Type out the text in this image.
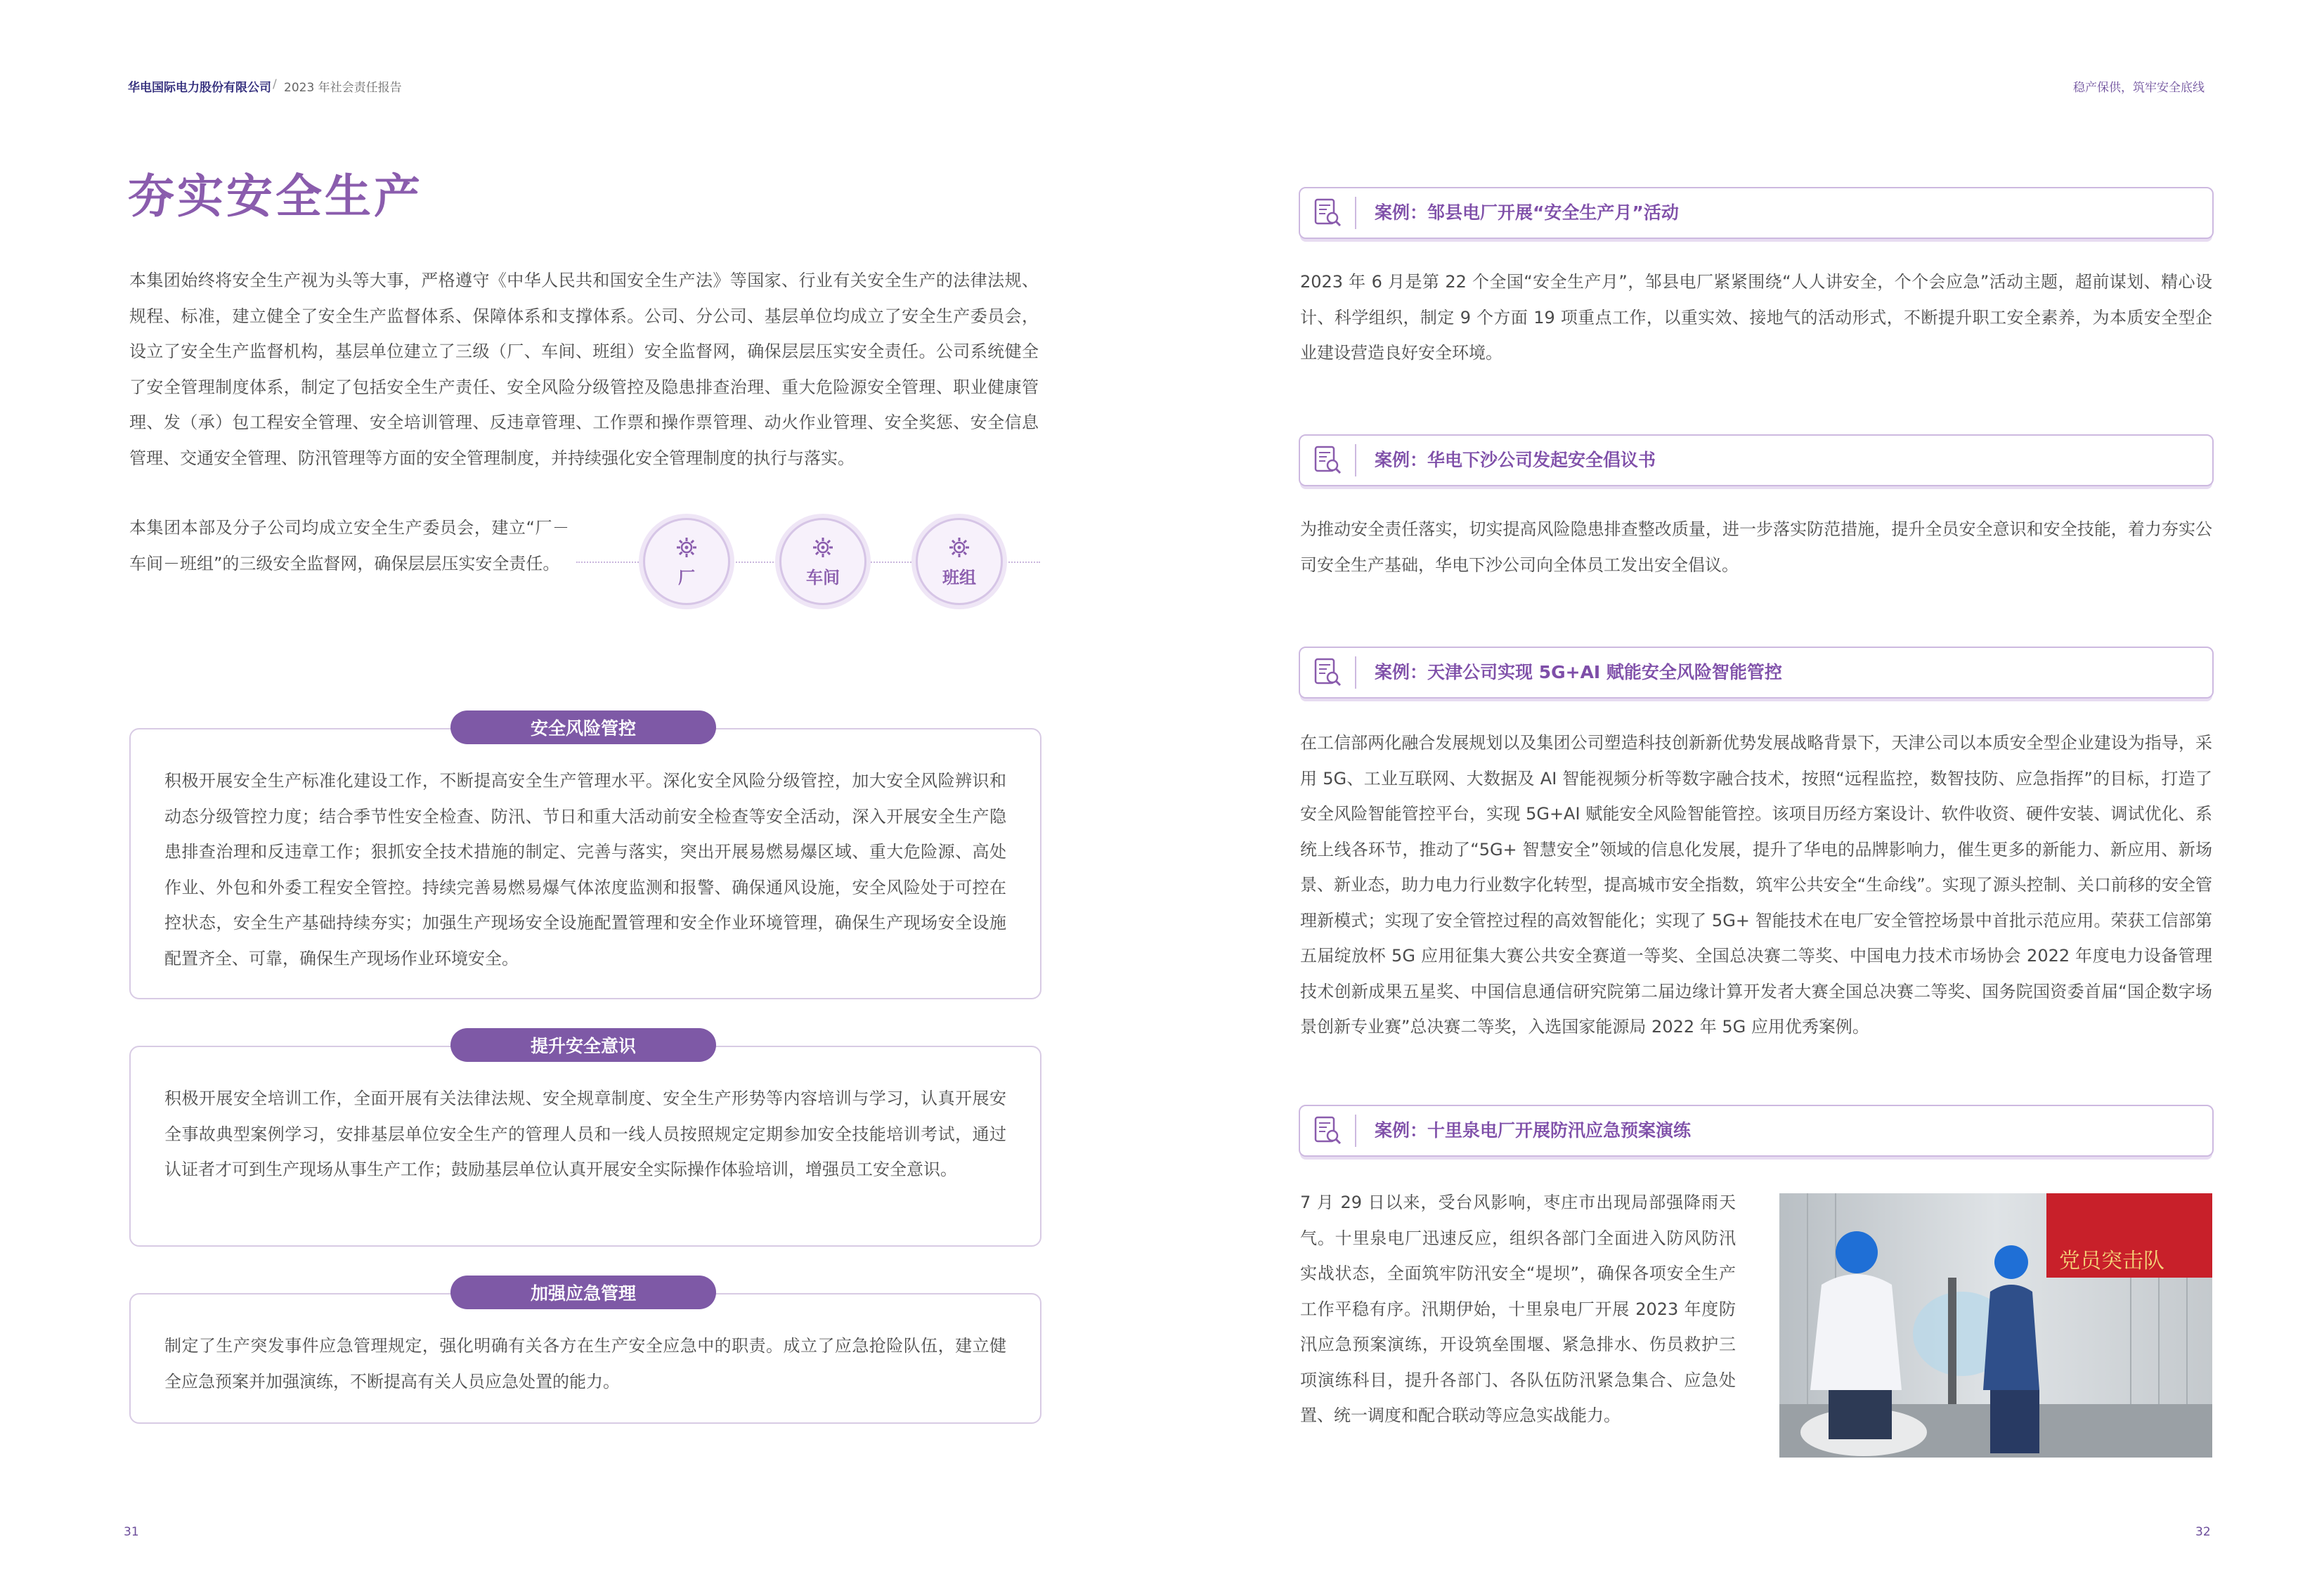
华电国际电力股份有限公司 / 2023 年社会责任报告	稳产保供，筑牢安全底线
夯实安全生产
本集团始终将安全生产视为头等大事，严格遵守《中华人民共和国安全生产法》等国家、行业有关安全生产的法律法规、规程、标准，建立健全了安全生产监督体系、保障体系和支撑体系。公司、分公司、基层单位均成立了安全生产委员会，设立了安全生产监督机构，基层单位建立了三级（厂、车间、班组）安全监督网，确保层层压实安全责任。公司系统健全了安全管理制度体系，制定了包括安全生产责任、安全风险分级管控及隐患排查治理、重大危险源安全管理、职业健康管理、发（承）包工程安全管理、安全培训管理、反违章管理、工作票和操作票管理、动火作业管理、安全奖惩、安全信息管理、交通安全管理、防汛管理等方面的安全管理制度，并持续强化安全管理制度的执行与落实。
本集团本部及分子公司均成立安全生产委员会，建立“厂－车间－班组”的三级安全监督网，确保层层压实安全责任。
厂	车间	班组
积极开展安全生产标准化建设工作，不断提高安全生产管理水平。深化安全风险分级管控，加大安全风险辨识和动态分级管控力度；结合季节性安全检查、防汛、节日和重大活动前安全检查等安全活动，深入开展安全生产隐患排查治理和反违章工作；狠抓安全技术措施的制定、完善与落实，突出开展易燃易爆区域、重大危险源、高处作业、外包和外委工程安全管控。持续完善易燃易爆气体浓度监测和报警、确保通风设施，安全风险处于可控在控状态，安全生产基础持续夯实；加强生产现场安全设施配置管理和安全作业环境管理，确保生产现场安全设施配置齐全、可靠，确保生产现场作业环境安全。
安全风险管控
积极开展安全培训工作，全面开展有关法律法规、安全规章制度、安全生产形势等内容培训与学习，认真开展安全事故典型案例学习，安排基层单位安全生产的管理人员和一线人员按照规定定期参加安全技能培训考试，通过认证者才可到生产现场从事生产工作；鼓励基层单位认真开展安全实际操作体验培训，增强员工安全意识。
提升安全意识
制定了生产突发事件应急管理规定，强化明确有关各方在生产安全应急中的职责。成立了应急抢险队伍，建立健全应急预案并加强演练，不断提高有关人员应急处置的能力。
加强应急管理
31
案例：邹县电厂开展“安全生产月”活动
2023 年 6 月是第 22 个全国“安全生产月”，邹县电厂紧紧围绕“人人讲安全，个个会应急”活动主题，超前谋划、精心设计、科学组织，制定 9 个方面 19 项重点工作，以重实效、接地气的活动形式，不断提升职工安全素养，为本质安全型企业建设营造良好安全环境。
案例：华电下沙公司发起安全倡议书
为推动安全责任落实，切实提高风险隐患排查整改质量，进一步落实防范措施，提升全员安全意识和安全技能，着力夯实公司安全生产基础，华电下沙公司向全体员工发出安全倡议。
案例：天津公司实现 5G+AI 赋能安全风险智能管控
在工信部两化融合发展规划以及集团公司塑造科技创新新优势发展战略背景下，天津公司以本质安全型企业建设为指导，采用 5G、工业互联网、大数据及 AI 智能视频分析等数字融合技术，按照“远程监控，数智技防、应急指挥”的目标，打造了安全风险智能管控平台，实现 5G+AI 赋能安全风险智能管控。该项目历经方案设计、软件收资、硬件安装、调试优化、系统上线各环节，推动了“5G+ 智慧安全”领域的信息化发展，提升了华电的品牌影响力，催生更多的新能力、新应用、新场景、新业态，助力电力行业数字化转型，提高城市安全指数，筑牢公共安全“生命线”。实现了源头控制、关口前移的安全管理新模式；实现了安全管控过程的高效智能化；实现了 5G+ 智能技术在电厂安全管控场景中首批示范应用。荣获工信部第五届绽放杯 5G 应用征集大赛公共安全赛道一等奖、全国总决赛二等奖、中国电力技术市场协会 2022 年度电力设备管理技术创新成果五星奖、中国信息通信研究院第二届边缘计算开发者大赛全国总决赛二等奖、国务院国资委首届“国企数字场景创新专业赛”总决赛二等奖，入选国家能源局 2022 年 5G 应用优秀案例。
案例：十里泉电厂开展防汛应急预案演练
7 月 29 日以来，受台风影响，枣庄市出现局部强降雨天气。十里泉电厂迅速反应，组织各部门全面进入防风防汛实战状态，全面筑牢防汛安全“堤坝”，确保各项安全生产工作平稳有序。汛期伊始，十里泉电厂开展 2023 年度防汛应急预案演练，开设筑垒围堰、紧急排水、伤员救护三项演练科目，提升各部门、各队伍防汛紧急集合、应急处置、统一调度和配合联动等应急实战能力。
党员突击队
32
